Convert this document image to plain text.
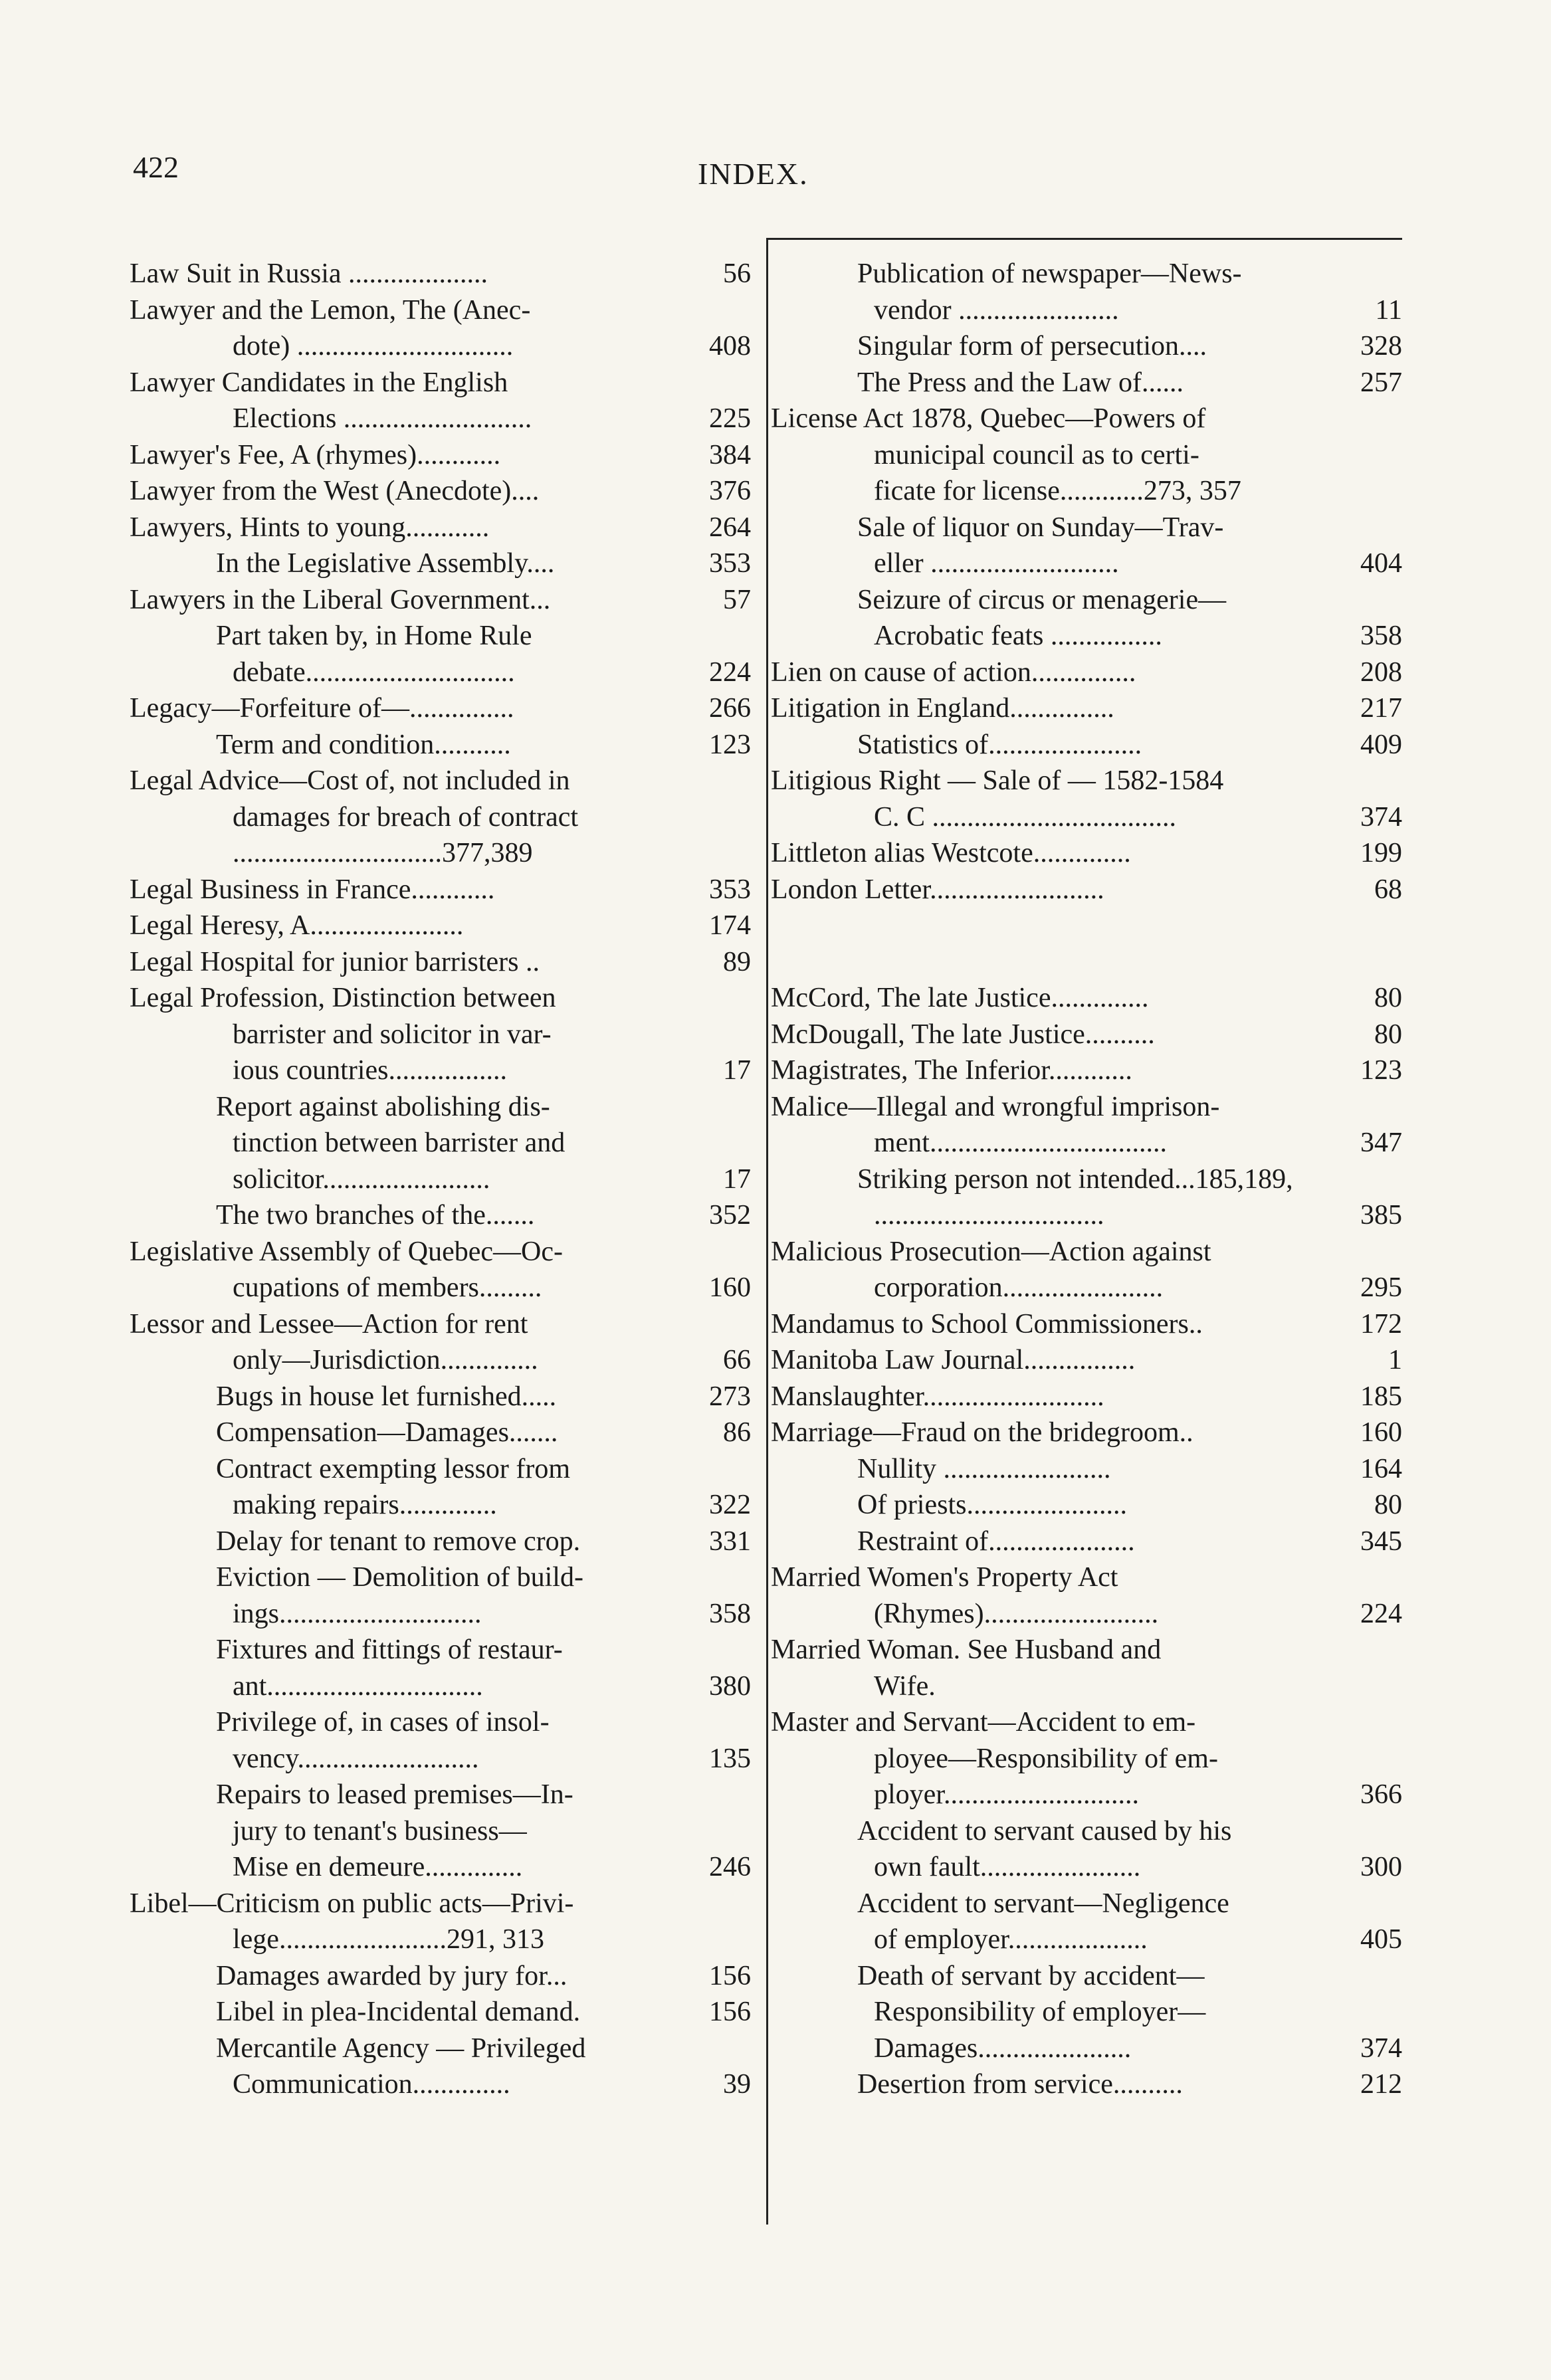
422	INDEX.
Law Suit in Russia ....................	56
Lawyer and the Lemon, The (Anec-
dote) ...............................	408
Lawyer Candidates in the English
Elections ...........................	225
Lawyer's Fee, A (rhymes)............	384
Lawyer from the West (Anecdote)....	376
Lawyers, Hints to young............	264
In the Legislative Assembly....	353
Lawyers in the Liberal Government...	57
Part taken by, in Home Rule
debate..............................	224
Legacy—Forfeiture of—...............	266
Term and condition...........	123
Legal Advice—Cost of, not included in
damages for breach of contract
..............................377,389
Legal Business in France............	353
Legal Heresy, A......................	174
Legal Hospital for junior barristers ..	89
Legal Profession, Distinction between
barrister and solicitor in var-
ious countries.................	17
Report against abolishing dis-
tinction between barrister and
solicitor........................	17
The two branches of the.......	352
Legislative Assembly of Quebec—Oc-
cupations of members.........	160
Lessor and Lessee—Action for rent
only—Jurisdiction..............	66
Bugs in house let furnished.....	273
Compensation—Damages.......	86
Contract exempting lessor from
making repairs..............	322
Delay for tenant to remove crop.	331
Eviction — Demolition of build-
ings.............................	358
Fixtures and fittings of restaur-
ant...............................	380
Privilege of, in cases of insol-
vency..........................	135
Repairs to leased premises—In-
jury to tenant's business—
Mise en demeure..............	246
Libel—Criticism on public acts—Privi-
lege........................291, 313
Damages awarded by jury for...	156
Libel in plea-Incidental demand.	156
Mercantile Agency — Privileged
Communication..............	39
Publication of newspaper—News-
vendor .......................	11
Singular form of persecution....	328
The Press and the Law of......	257
License Act 1878, Quebec—Powers of
municipal council as to certi-
ficate for license............273, 357
Sale of liquor on Sunday—Trav-
eller ...........................	404
Seizure of circus or menagerie—
Acrobatic feats ................	358
Lien on cause of action...............	208
Litigation in England...............	217
Statistics of......................	409
Litigious Right — Sale of — 1582-1584
C. C ...................................	374
Littleton alias Westcote..............	199
London Letter.........................	68
McCord, The late Justice..............	80
McDougall, The late Justice..........	80
Magistrates, The Inferior............	123
Malice—Illegal and wrongful imprison-
ment..................................	347
Striking person not intended...185,189,
.................................	385
Malicious Prosecution—Action against
corporation.......................	295
Mandamus to School Commissioners..	172
Manitoba Law Journal................	1
Manslaughter..........................	185
Marriage—Fraud on the bridegroom..	160
Nullity ........................	164
Of priests.......................	80
Restraint of.....................	345
Married Women's Property Act
(Rhymes).........................	224
Married Woman. See Husband and
Wife.
Master and Servant—Accident to em-
ployee—Responsibility of em-
ployer............................	366
Accident to servant caused by his
own fault.......................	300
Accident to servant—Negligence
of employer....................	405
Death of servant by accident—
Responsibility of employer—
Damages......................	374
Desertion from service..........	212
